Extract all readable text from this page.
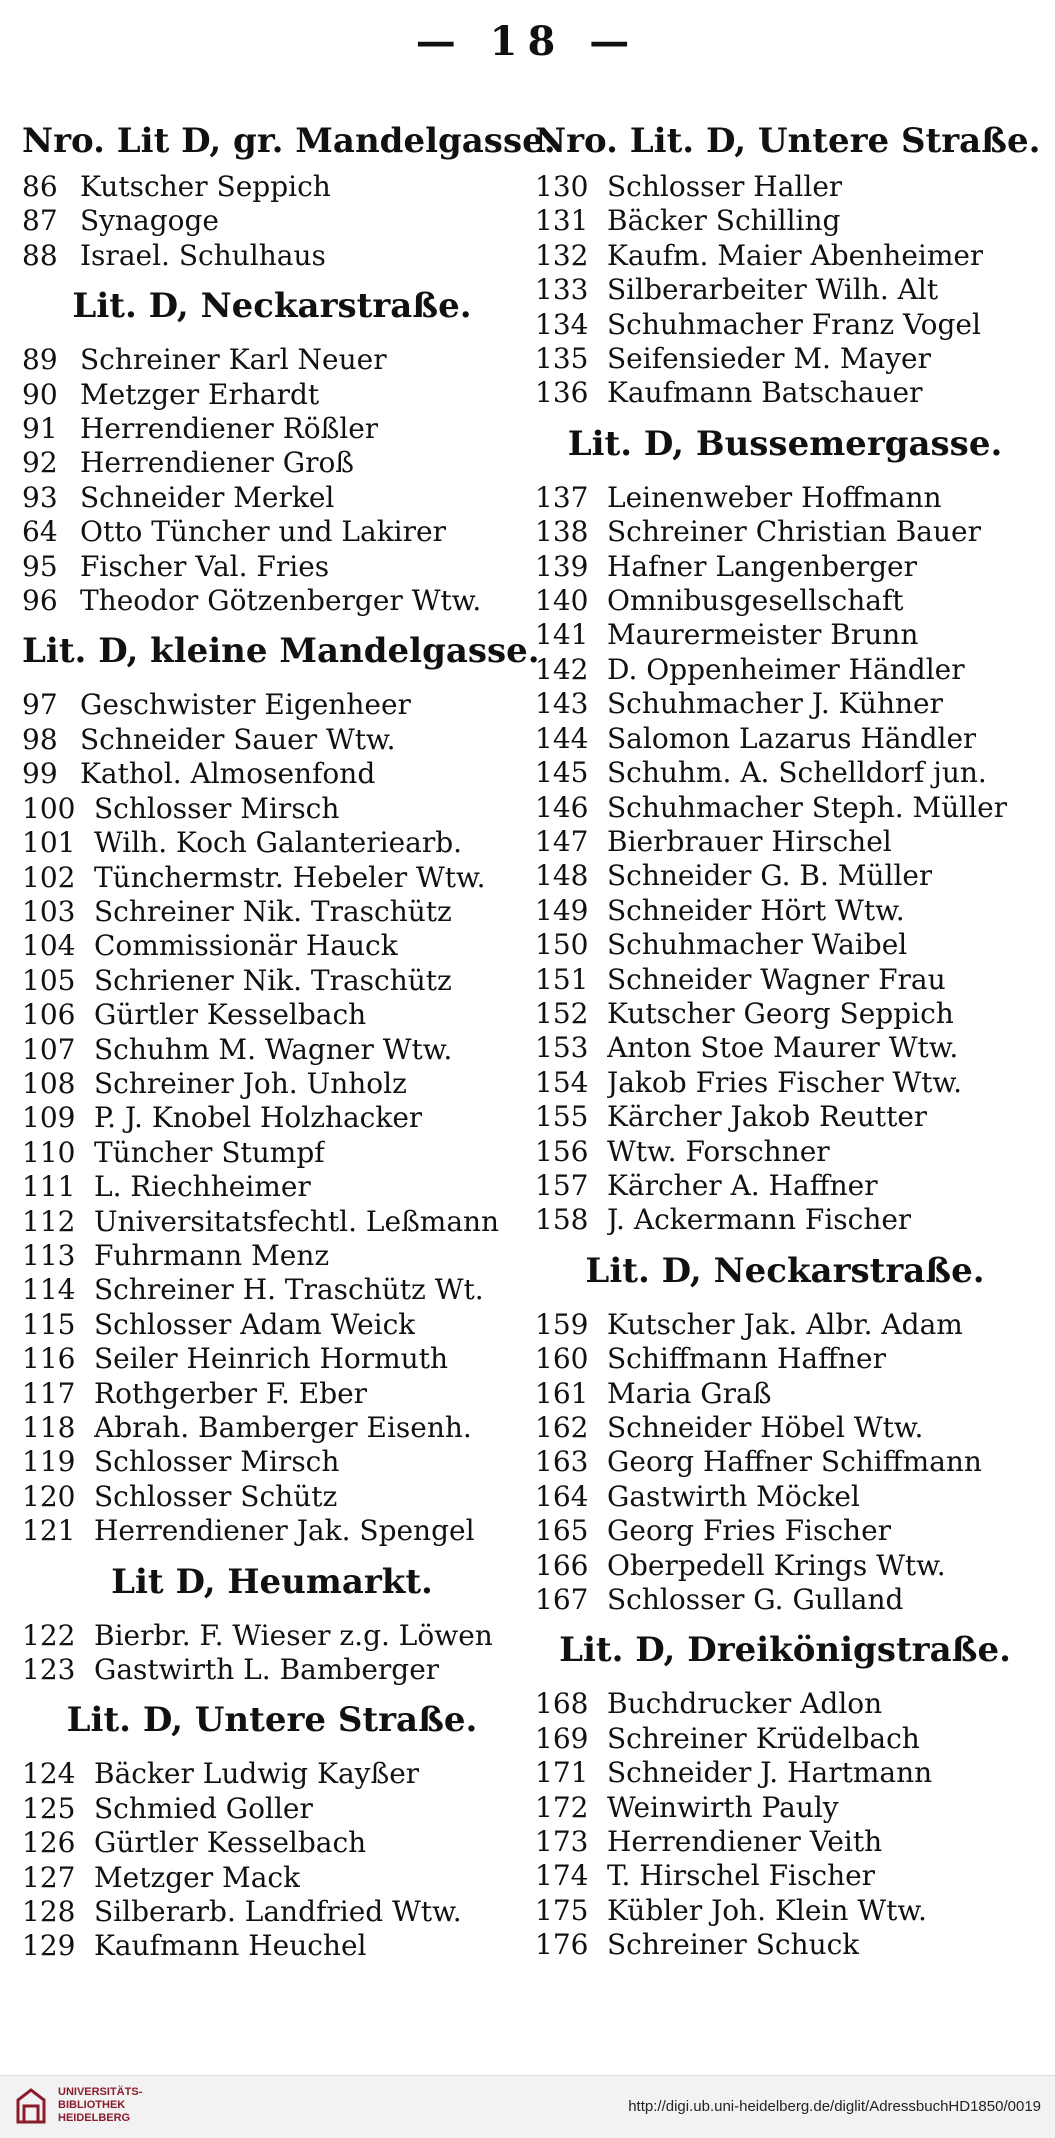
— 18 —
Nro. Lit D, gr. Mandelgasse.
86 Kutscher Seppich
87 Synagoge
88 Israel. Schulhaus
Lit. D, Neckarstraße.
89 Schreiner Karl Neuer
90 Metzger Erhardt
91 Herrendiener Rößler
92 Herrendiener Groß
93 Schneider Merkel
64 Otto Tüncher und Lakirer
95 Fischer Val. Fries
96 Theodor Götzenberger Wtw.
Lit. D, kleine Mandelgasse.
97 Geschwister Eigenheer
98 Schneider Sauer Wtw.
99 Kathol. Almosenfond
100 Schlosser Mirsch
101 Wilh. Koch Galanteriearb.
102 Tünchermstr. Hebeler Wtw.
103 Schreiner Nik. Traschütz
104 Commissionär Hauck
105 Schriener Nik. Traschütz
106 Gürtler Kesselbach
107 Schuhm M. Wagner Wtw.
108 Schreiner Joh. Unholz
109 P. J. Knobel Holzhacker
110 Tüncher Stumpf
111 L. Riechheimer
112 Universitatsfechtl. Leßmann
113 Fuhrmann Menz
114 Schreiner H. Traschütz Wt.
115 Schlosser Adam Weick
116 Seiler Heinrich Hormuth
117 Rothgerber F. Eber
118 Abrah. Bamberger Eisenh.
119 Schlosser Mirsch
120 Schlosser Schütz
121 Herrendiener Jak. Spengel
Lit D, Heumarkt.
122 Bierbr. F. Wieser z.g. Löwen
123 Gastwirth L. Bamberger
Lit. D, Untere Straße.
124 Bäcker Ludwig Kayßer
125 Schmied Goller
126 Gürtler Kesselbach
127 Metzger Mack
128 Silberarb. Landfried Wtw.
129 Kaufmann Heuchel
Nro. Lit. D, Untere Straße.
130 Schlosser Haller
131 Bäcker Schilling
132 Kaufm. Maier Abenheimer
133 Silberarbeiter Wilh. Alt
134 Schuhmacher Franz Vogel
135 Seifensieder M. Mayer
136 Kaufmann Batschauer
Lit. D, Bussemergasse.
137 Leinenweber Hoffmann
138 Schreiner Christian Bauer
139 Hafner Langenberger
140 Omnibusgesellschaft
141 Maurermeister Brunn
142 D. Oppenheimer Händler
143 Schuhmacher J. Kühner
144 Salomon Lazarus Händler
145 Schuhm. A. Schelldorf jun.
146 Schuhmacher Steph. Müller
147 Bierbrauer Hirschel
148 Schneider G. B. Müller
149 Schneider Hört Wtw.
150 Schuhmacher Waibel
151 Schneider Wagner Frau
152 Kutscher Georg Seppich
153 Anton Stoe Maurer Wtw.
154 Jakob Fries Fischer Wtw.
155 Kärcher Jakob Reutter
156 Wtw. Forschner
157 Kärcher A. Haffner
158 J. Ackermann Fischer
Lit. D, Neckarstraße.
159 Kutscher Jak. Albr. Adam
160 Schiffmann Haffner
161 Maria Graß
162 Schneider Höbel Wtw.
163 Georg Haffner Schiffmann
164 Gastwirth Möckel
165 Georg Fries Fischer
166 Oberpedell Krings Wtw.
167 Schlosser G. Gulland
Lit. D, Dreikönigstraße.
168 Buchdrucker Adlon
169 Schreiner Krüdelbach
171 Schneider J. Hartmann
172 Weinwirth Pauly
173 Herrendiener Veith
174 T. Hirschel Fischer
175 Kübler Joh. Klein Wtw.
176 Schreiner Schuck
UNIVERSITÄTS-
BIBLIOTHEK
HEIDELBERG
http://digi.ub.uni-heidelberg.de/diglit/AdressbuchHD1850/0019
